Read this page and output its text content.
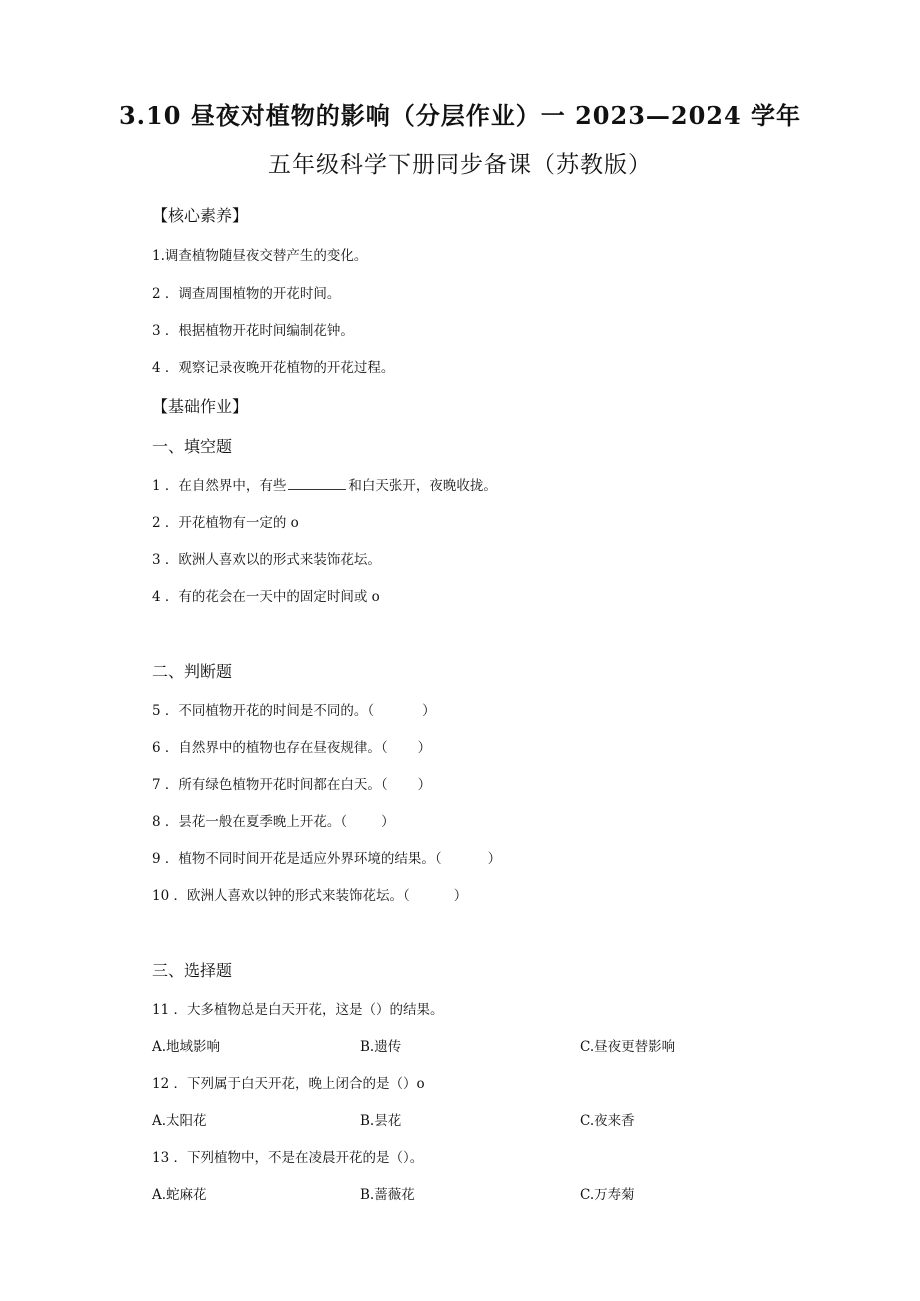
3.10 昼夜对植物的影响（分层作业）一 2023—2024 学年
五年级科学下册同步备课（苏教版）
【核心素养】
1.调查植物随昼夜交替产生的变化。
2 ．调查周围植物的开花时间。
3 ．根据植物开花时间编制花钟。
4 ．观察记录夜晚开花植物的开花过程。
【基础作业】
一、填空题
1 ．在自然界中，有些	和白天张开，夜晚收拢。
2 ．开花植物有一定的 o
3 ．欧洲人喜欢以的形式来装饰花坛。
4 ．有的花会在一天中的固定时间或 o
二、判断题
5 ．不同植物开花的时间是不同的。（	）
6 ．自然界中的植物也存在昼夜规律。（ ）
7 ．所有绿色植物开花时间都在白天。（ ）
8 ．昙花一般在夏季晚上开花。（	）
9 ．植物不同时间开花是适应外界环境的结果。（	）
10 ．欧洲人喜欢以钟的形式来装饰花坛。（	）
三、选择题
11 ．大多植物总是白天开花，这是（）的结果。
A.地域影响	B.遗传	C.昼夜更替影响
12 ．下列属于白天开花，晚上闭合的是（）o
A.太阳花	B.昙花	C.夜来香
13 ．下列植物中，不是在凌晨开花的是（）。
A.蛇麻花	B.蔷薇花	C.万寿菊
